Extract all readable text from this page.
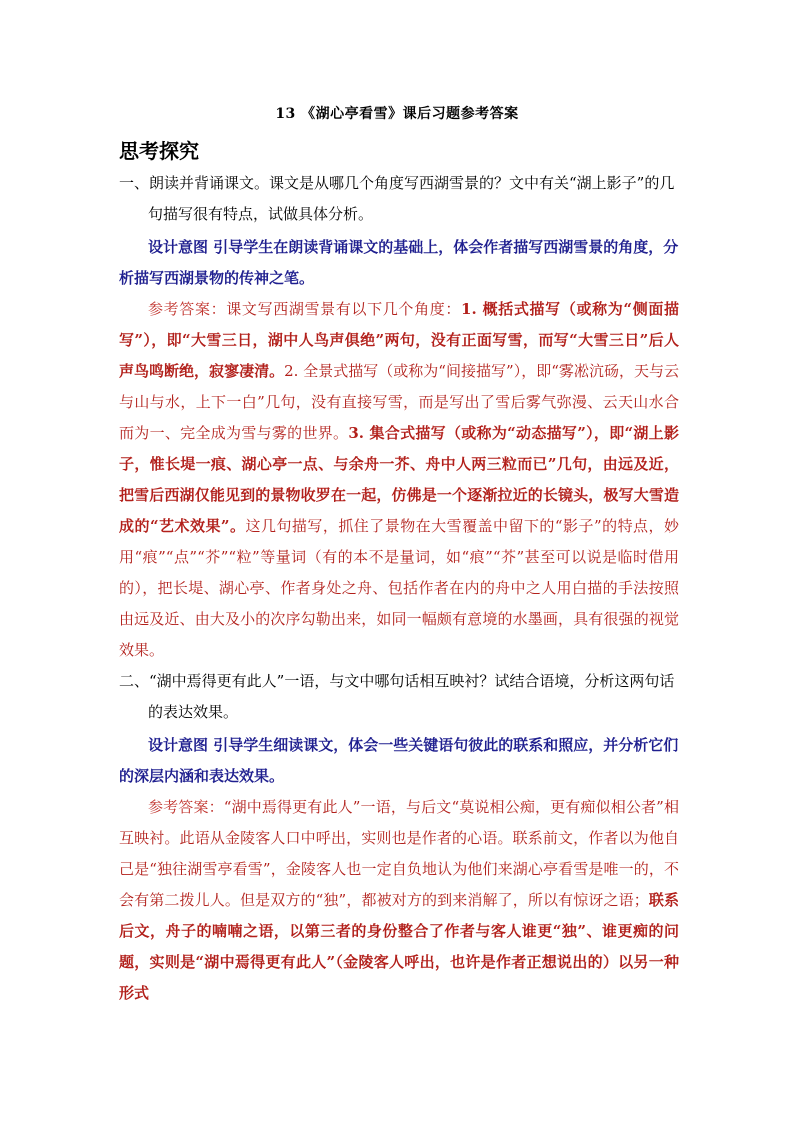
13 《湖心亭看雪》课后习题参考答案
思考探究
一、朗读并背诵课文。课文是从哪几个角度写西湖雪景的？文中有关“湖上影子”的几
句描写很有特点，试做具体分析。
设计意图 引导学生在朗读背诵课文的基础上，体会作者描写西湖雪景的角度，分析描写西湖景物的传神之笔。
参考答案：课文写西湖雪景有以下几个角度：1. 概括式描写（或称为“侧面描写”），即“大雪三日，湖中人鸟声俱绝”两句，没有正面写雪，而写“大雪三日”后人声鸟鸣断绝，寂寥凄清。2. 全景式描写（或称为“间接描写”），即“雾凇沆砀，天与云与山与水，上下一白”几句，没有直接写雪，而是写出了雪后雾气弥漫、云天山水合而为一、完全成为雪与雾的世界。3. 集合式描写（或称为“动态描写”），即“湖上影子，惟长堤一痕、湖心亭一点、与余舟一芥、舟中人两三粒而已”几句，由远及近，把雪后西湖仅能见到的景物收罗在一起，仿佛是一个逐渐拉近的长镜头，极写大雪造成的“艺术效果”。这几句描写，抓住了景物在大雪覆盖中留下的“影子”的特点，妙用“痕”“点”“芥”“粒”等量词（有的本不是量词，如“痕”“芥”甚至可以说是临时借用的），把长堤、湖心亭、作者身处之舟、包括作者在内的舟中之人用白描的手法按照由远及近、由大及小的次序勾勒出来，如同一幅颇有意境的水墨画，具有很强的视觉效果。
二、“湖中焉得更有此人”一语，与文中哪句话相互映衬？试结合语境，分析这两句话
的表达效果。
设计意图 引导学生细读课文，体会一些关键语句彼此的联系和照应，并分析它们的深层内涵和表达效果。
参考答案：“湖中焉得更有此人”一语，与后文“莫说相公痴，更有痴似相公者”相互映衬。此语从金陵客人口中呼出，实则也是作者的心语。联系前文，作者以为他自己是“独往湖雪亭看雪”，金陵客人也一定自负地认为他们来湖心亭看雪是唯一的，不会有第二拨儿人。但是双方的“独”，都被对方的到来消解了，所以有惊讶之语；联系后文，舟子的喃喃之语，以第三者的身份整合了作者与客人谁更“独”、谁更痴的问题，实则是“湖中焉得更有此人”（金陵客人呼出，也许是作者正想说出的）以另一种形式
